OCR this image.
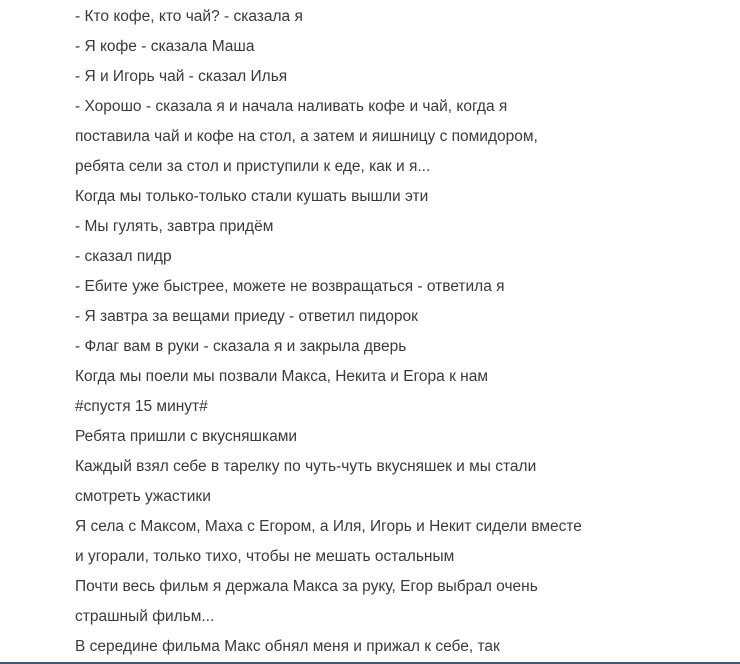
- Кто кофе, кто чай? - сказала я
- Я кофе - сказала Маша
- Я и Игорь чай - сказал Илья
- Хорошо - сказала я и начала наливать кофе и чай, когда я
поставила чай и кофе на стол, а затем и яишницу с помидором,
ребята сели за стол и приступили к еде, как и я...
Когда мы только-только стали кушать вышли эти
- Мы гулять, завтра придём
- сказал пидр
- Ебите уже быстрее, можете не возвращаться - ответила я
- Я завтра за вещами приеду - ответил пидорок
- Флаг вам в руки - сказала я и закрыла дверь
Когда мы поели мы позвали Макса, Некита и Егора к нам
#спустя 15 минут#
Ребята пришли с вкусняшками
Каждый взял себе в тарелку по чуть-чуть вкусняшек и мы стали
смотреть ужастики
Я села с Максом, Маха с Егором, а Иля, Игорь и Некит сидели вместе
и угорали, только тихо, чтобы не мешать остальным
Почти весь фильм я держала Макса за руку, Егор выбрал очень
страшный фильм...
В середине фильма Макс обнял меня и прижал к себе, так
